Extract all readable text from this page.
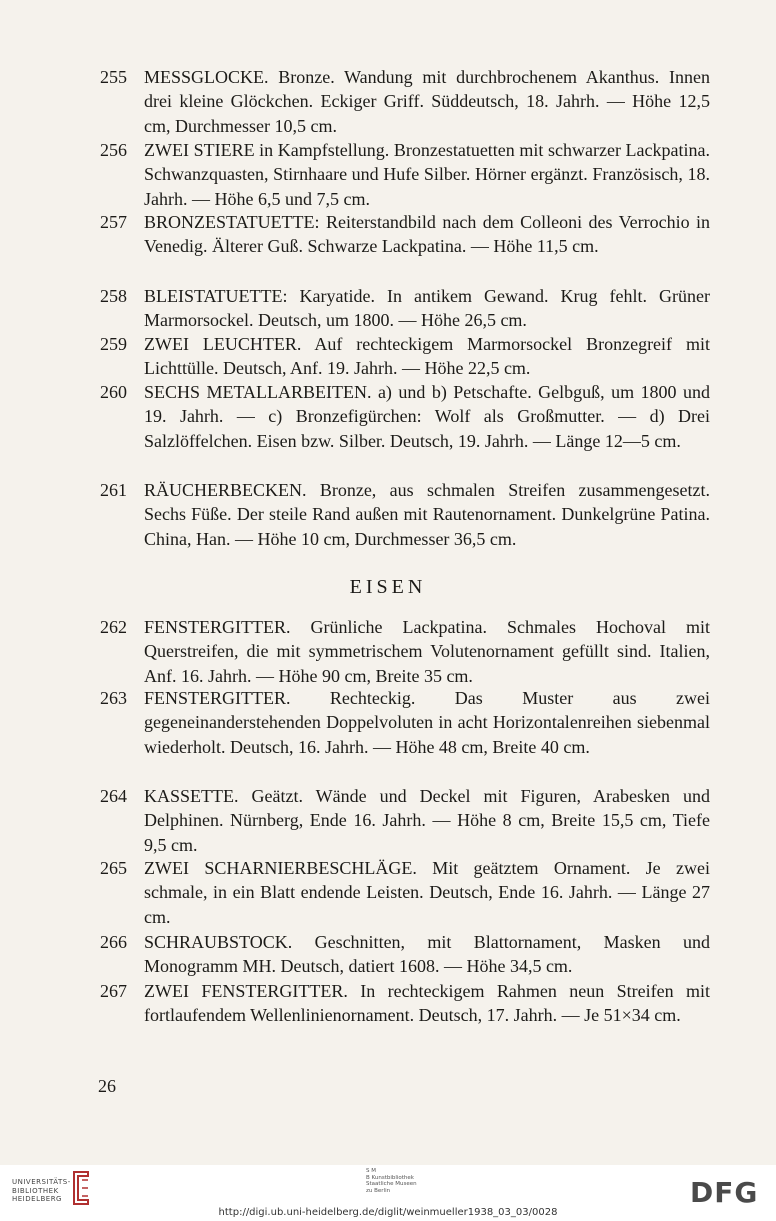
255 MESSGLOCKE. Bronze. Wandung mit durchbrochenem Akanthus. Innen drei kleine Glöckchen. Eckiger Griff. Süddeutsch, 18. Jahrh. — Höhe 12,5 cm, Durchmesser 10,5 cm.
256 ZWEI STIERE in Kampfstellung. Bronzestatuetten mit schwarzer Lackpatina. Schwanzquasten, Stirnhaare und Hufe Silber. Hörner ergänzt. Französisch, 18. Jahrh. — Höhe 6,5 und 7,5 cm.
257 BRONZESTATUETTE: Reiterstandbild nach dem Colleoni des Verrochio in Venedig. Älterer Guß. Schwarze Lackpatina. — Höhe 11,5 cm.
258 BLEISTATUETTE: Karyatide. In antikem Gewand. Krug fehlt. Grüner Marmorsockel. Deutsch, um 1800. — Höhe 26,5 cm.
259 ZWEI LEUCHTER. Auf rechteckigem Marmorsockel Bronzegreif mit Lichttülle. Deutsch, Anf. 19. Jahrh. — Höhe 22,5 cm.
260 SECHS METALLARBEITEN. a) und b) Petschafte. Gelbguß, um 1800 und 19. Jahrh. — c) Bronzefigürchen: Wolf als Großmutter. — d) Drei Salzlöffelchen. Eisen bzw. Silber. Deutsch, 19. Jahrh. — Länge 12—5 cm.
261 RÄUCHERBECKEN. Bronze, aus schmalen Streifen zusammengesetzt. Sechs Füße. Der steile Rand außen mit Rautenornament. Dunkelgrüne Patina. China, Han. — Höhe 10 cm, Durchmesser 36,5 cm.
EISEN
262 FENSTERGITTER. Grünliche Lackpatina. Schmales Hochoval mit Querstreifen, die mit symmetrischem Volutenornament gefüllt sind. Italien, Anf. 16. Jahrh. — Höhe 90 cm, Breite 35 cm.
263 FENSTERGITTER. Rechteckig. Das Muster aus zwei gegeneinanderstehenden Doppelvoluten in acht Horizontalenreihen siebenmal wiederholt. Deutsch, 16. Jahrh. — Höhe 48 cm, Breite 40 cm.
264 KASSETTE. Geätzt. Wände und Deckel mit Figuren, Arabesken und Delphinen. Nürnberg, Ende 16. Jahrh. — Höhe 8 cm, Breite 15,5 cm, Tiefe 9,5 cm.
265 ZWEI SCHARNIERBESCHLÄGE. Mit geätztem Ornament. Je zwei schmale, in ein Blatt endende Leisten. Deutsch, Ende 16. Jahrh. — Länge 27 cm.
266 SCHRAUBSTOCK. Geschnitten, mit Blattornament, Masken und Monogramm MH. Deutsch, datiert 1608. — Höhe 34,5 cm.
267 ZWEI FENSTERGITTER. In rechteckigem Rahmen neun Streifen mit fortlaufendem Wellenlinienornament. Deutsch, 17. Jahrh. — Je 51×34 cm.
26
UNIVERSITÄTS-
BIBLIOTHEK
HEIDELBERG
S M
B Kunstbibliothek
Staatliche Museen
zu Berlin	DFG
http://digi.ub.uni-heidelberg.de/diglit/weinmueller1938_03_03/0028
